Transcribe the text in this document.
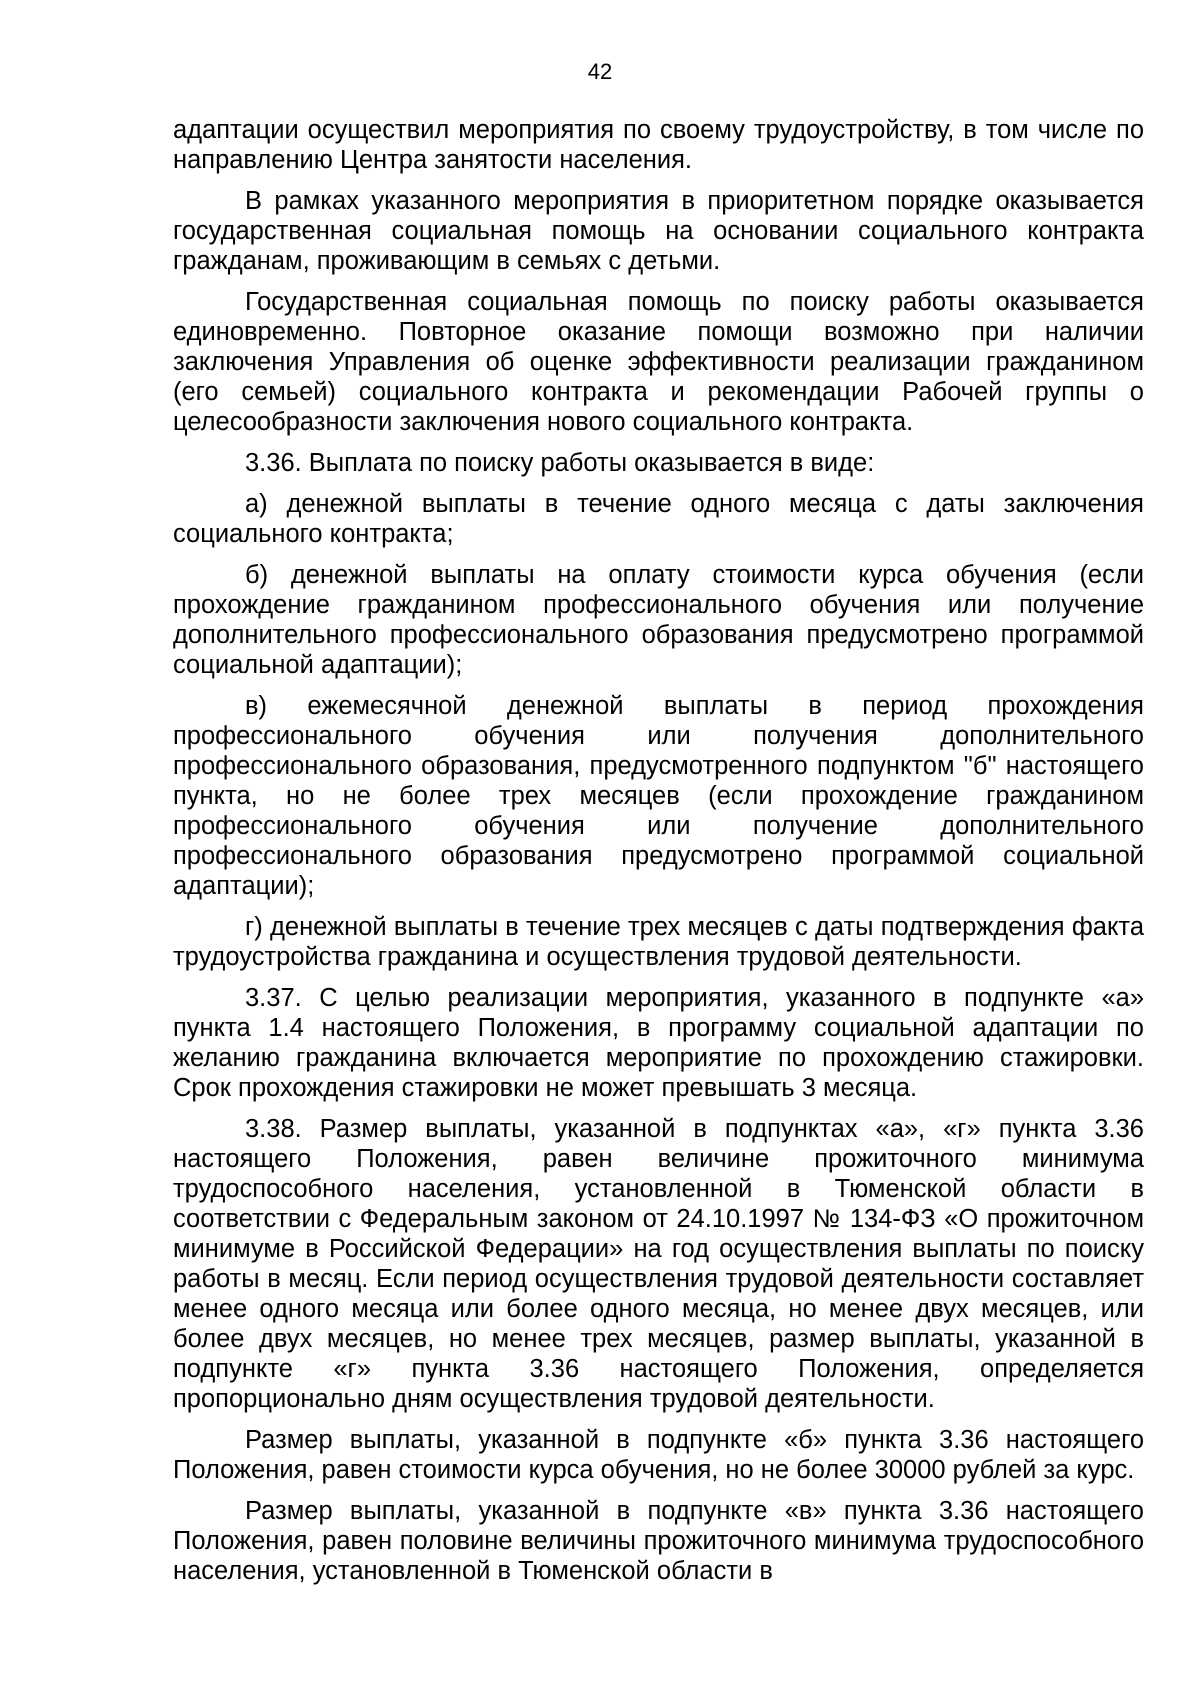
42

адаптации осуществил мероприятия по своему трудоустройству, в том числе по направлению Центра занятости населения.

В рамках указанного мероприятия в приоритетном порядке оказывается государственная социальная помощь на основании социального контракта гражданам, проживающим в семьях с детьми.

Государственная социальная помощь по поиску работы оказывается единовременно. Повторное оказание помощи возможно при наличии заключения Управления об оценке эффективности реализации гражданином (его семьей) социального контракта и рекомендации Рабочей группы о целесообразности заключения нового социального контракта.

3.36. Выплата по поиску работы оказывается в виде:

а) денежной выплаты в течение одного месяца с даты заключения социального контракта;

б) денежной выплаты на оплату стоимости курса обучения (если прохождение гражданином профессионального обучения или получение дополнительного профессионального образования предусмотрено программой социальной адаптации);

в) ежемесячной денежной выплаты в период прохождения профессионального обучения или получения дополнительного профессионального образования, предусмотренного подпунктом "б" настоящего пункта, но не более трех месяцев (если прохождение гражданином профессионального обучения или получение дополнительного профессионального образования предусмотрено программой социальной адаптации);

г) денежной выплаты в течение трех месяцев с даты подтверждения факта трудоустройства гражданина и осуществления трудовой деятельности.

3.37. С целью реализации мероприятия, указанного в подпункте «а» пункта 1.4 настоящего Положения, в программу социальной адаптации по желанию гражданина включается мероприятие по прохождению стажировки. Срок прохождения стажировки не может превышать 3 месяца.

3.38. Размер выплаты, указанной в подпунктах «а», «г» пункта 3.36 настоящего Положения, равен величине прожиточного минимума трудоспособного населения, установленной в Тюменской области в соответствии с Федеральным законом от 24.10.1997 № 134-ФЗ «О прожиточном минимуме в Российской Федерации» на год осуществления выплаты по поиску работы в месяц. Если период осуществления трудовой деятельности составляет менее одного месяца или более одного месяца, но менее двух месяцев, или более двух месяцев, но менее трех месяцев, размер выплаты, указанной в подпункте «г» пункта 3.36 настоящего Положения, определяется пропорционально дням осуществления трудовой деятельности.

Размер выплаты, указанной в подпункте «б» пункта 3.36 настоящего Положения, равен стоимости курса обучения, но не более 30000 рублей за курс.

Размер выплаты, указанной в подпункте «в» пункта 3.36 настоящего Положения, равен половине величины прожиточного минимума трудоспособного населения, установленной в Тюменской области в
